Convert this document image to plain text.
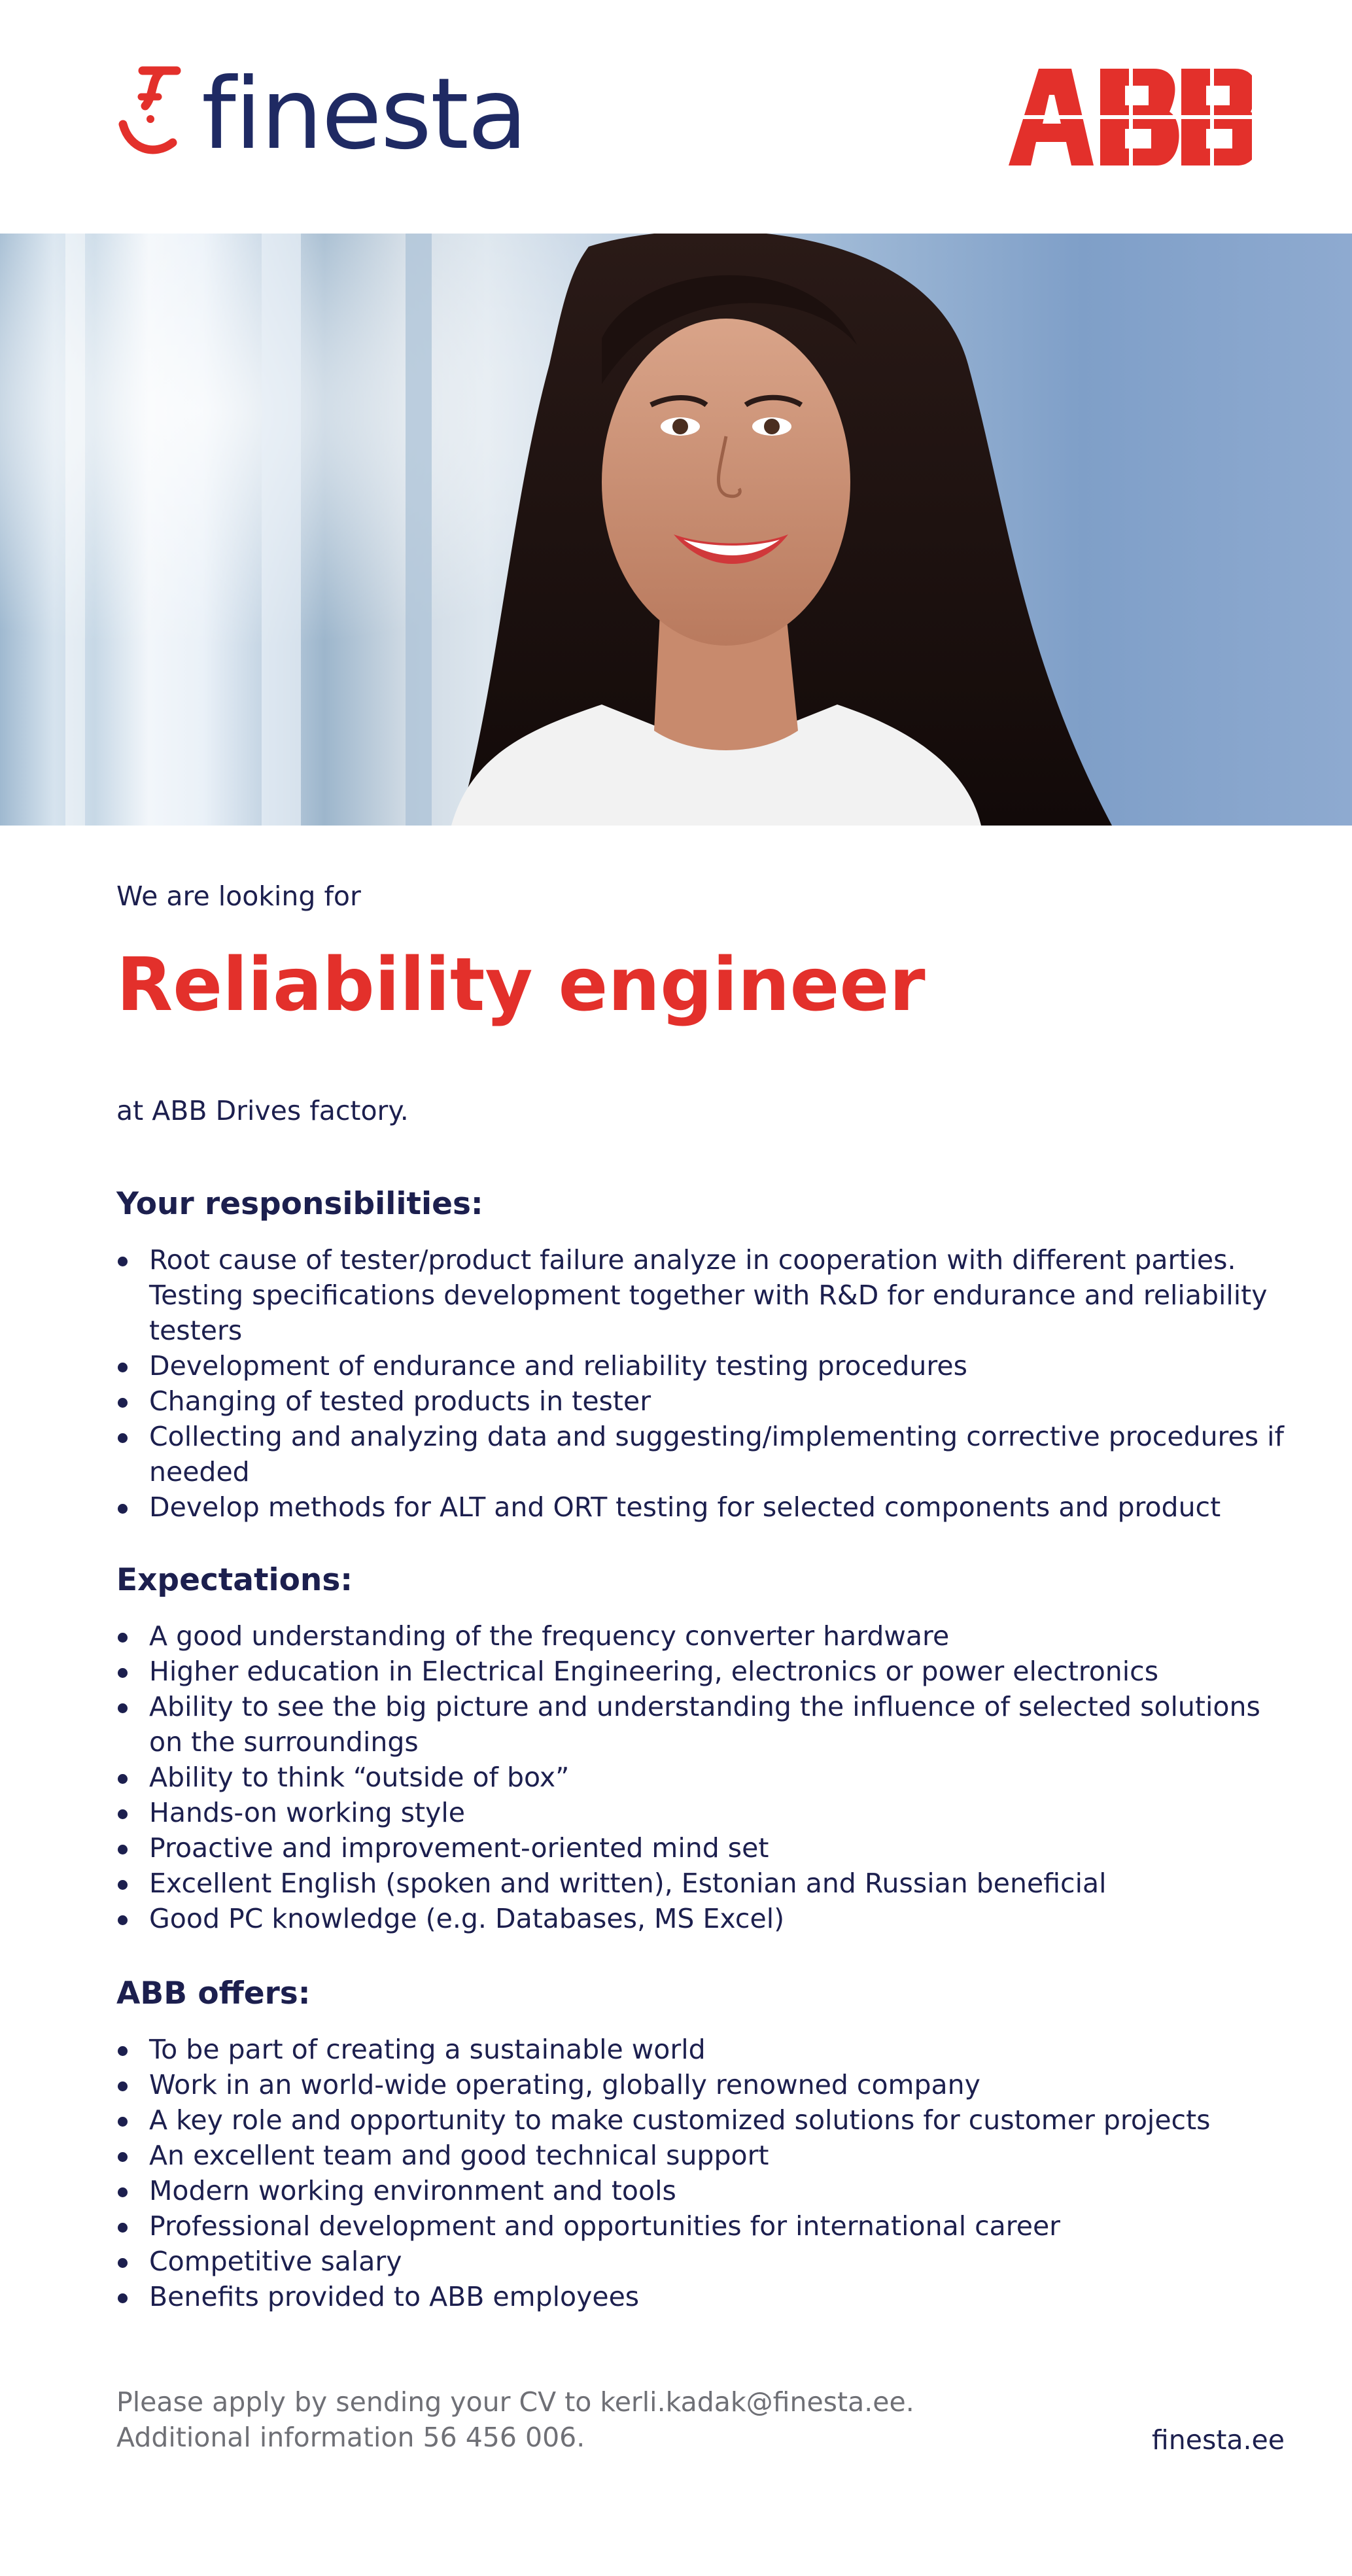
finesta

We are looking for

Reliability engineer

at ABB Drives factory.

Your responsibilities:
Root cause of tester/product failure analyze in cooperation with different parties. Testing specifications development together with R&D for endurance and reliability testers
Development of endurance and reliability testing procedures
Changing of tested products in tester
Collecting and analyzing data and suggesting/implementing corrective procedures if needed
Develop methods for ALT and ORT testing for selected components and product
Expectations:
A good understanding of the frequency converter hardware
Higher education in Electrical Engineering, electronics or power electronics
Ability to see the big picture and understanding the influence of selected solutions on the surroundings
Ability to think “outside of box”
Hands-on working style
Proactive and improvement-oriented mind set
Excellent English (spoken and written), Estonian and Russian beneficial
Good PC knowledge (e.g. Databases, MS Excel)
ABB offers:
To be part of creating a sustainable world
Work in an world-wide operating, globally renowned company
A key role and opportunity to make customized solutions for customer projects
An excellent team and good technical support
Modern working environment and tools
Professional development and opportunities for international career
Competitive salary
Benefits provided to ABB employees

Please apply by sending your CV to kerli.kadak@finesta.ee.

Additional information 56 456 006.	finesta.ee
